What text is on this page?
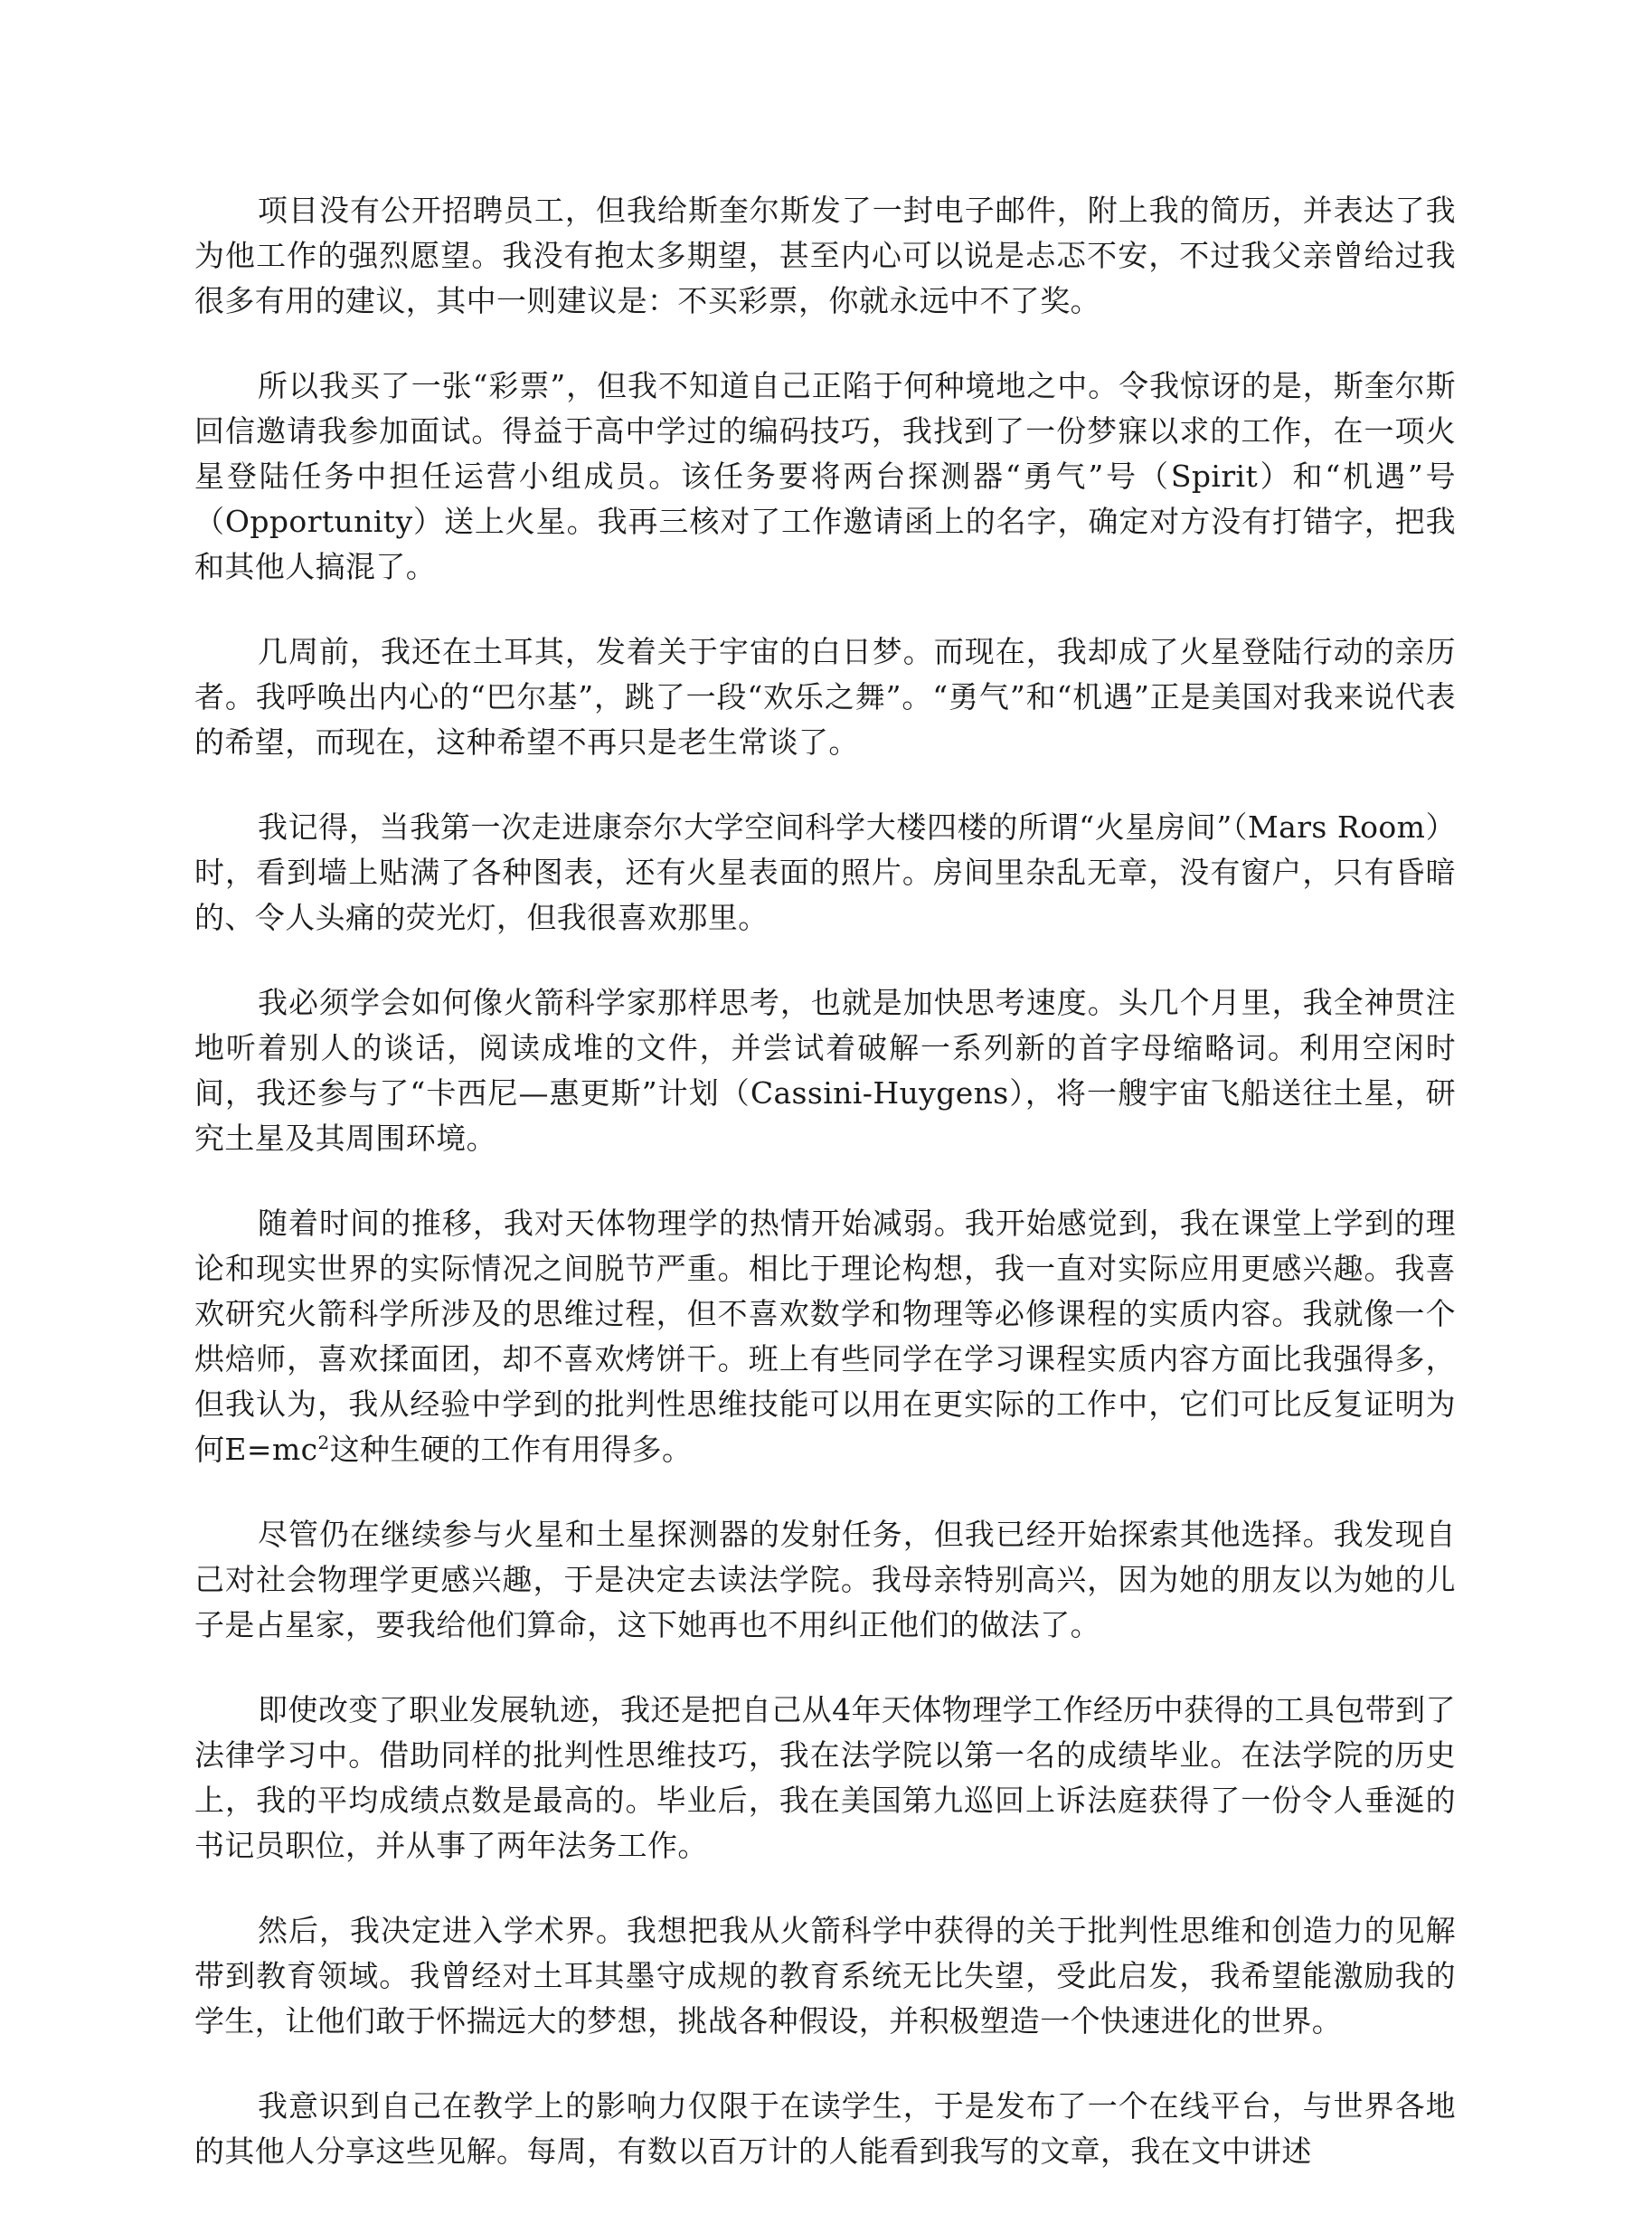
项目没有公开招聘员工，但我给斯奎尔斯发了一封电子邮件，附上我的简历，并表达了我为他工作的强烈愿望。我没有抱太多期望，甚至内心可以说是忐忑不安，不过我父亲曾给过我很多有用的建议，其中一则建议是：不买彩票，你就永远中不了奖。

所以我买了一张“彩票”，但我不知道自己正陷于何种境地之中。令我惊讶的是，斯奎尔斯回信邀请我参加面试。得益于高中学过的编码技巧，我找到了一份梦寐以求的工作，在一项火星登陆任务中担任运营小组成员。该任务要将两台探测器“勇气”号（Spirit）和“机遇”号（Opportunity）送上火星。我再三核对了工作邀请函上的名字，确定对方没有打错字，把我和其他人搞混了。

几周前，我还在土耳其，发着关于宇宙的白日梦。而现在，我却成了火星登陆行动的亲历者。我呼唤出内心的“巴尔基”，跳了一段“欢乐之舞”。“勇气”和“机遇”正是美国对我来说代表的希望，而现在，这种希望不再只是老生常谈了。

我记得，当我第一次走进康奈尔大学空间科学大楼四楼的所谓“火星房间”（Mars Room）时，看到墙上贴满了各种图表，还有火星表面的照片。房间里杂乱无章，没有窗户，只有昏暗的、令人头痛的荧光灯，但我很喜欢那里。

我必须学会如何像火箭科学家那样思考，也就是加快思考速度。头几个月里，我全神贯注地听着别人的谈话，阅读成堆的文件，并尝试着破解一系列新的首字母缩略词。利用空闲时间，我还参与了“卡西尼—惠更斯”计划（Cassini-Huygens），将一艘宇宙飞船送往土星，研究土星及其周围环境。

随着时间的推移，我对天体物理学的热情开始减弱。我开始感觉到，我在课堂上学到的理论和现实世界的实际情况之间脱节严重。相比于理论构想，我一直对实际应用更感兴趣。我喜欢研究火箭科学所涉及的思维过程，但不喜欢数学和物理等必修课程的实质内容。我就像一个烘焙师，喜欢揉面团，却不喜欢烤饼干。班上有些同学在学习课程实质内容方面比我强得多，但我认为，我从经验中学到的批判性思维技能可以用在更实际的工作中，它们可比反复证明为何$E=mc^2$这种生硬的工作有用得多。

尽管仍在继续参与火星和土星探测器的发射任务，但我已经开始探索其他选择。我发现自己对社会物理学更感兴趣，于是决定去读法学院。我母亲特别高兴，因为她的朋友以为她的儿子是占星家，要我给他们算命，这下她再也不用纠正他们的做法了。

即使改变了职业发展轨迹，我还是把自己从4年天体物理学工作经历中获得的工具包带到了法律学习中。借助同样的批判性思维技巧，我在法学院以第一名的成绩毕业。在法学院的历史上，我的平均成绩点数是最高的。毕业后，我在美国第九巡回上诉法庭获得了一份令人垂涎的书记员职位，并从事了两年法务工作。

然后，我决定进入学术界。我想把我从火箭科学中获得的关于批判性思维和创造力的见解带到教育领域。我曾经对土耳其墨守成规的教育系统无比失望，受此启发，我希望能激励我的学生，让他们敢于怀揣远大的梦想，挑战各种假设，并积极塑造一个快速进化的世界。

我意识到自己在教学上的影响力仅限于在读学生，于是发布了一个在线平台，与世界各地的其他人分享这些见解。每周，有数以百万计的人能看到我写的文章，我在文中讲述
